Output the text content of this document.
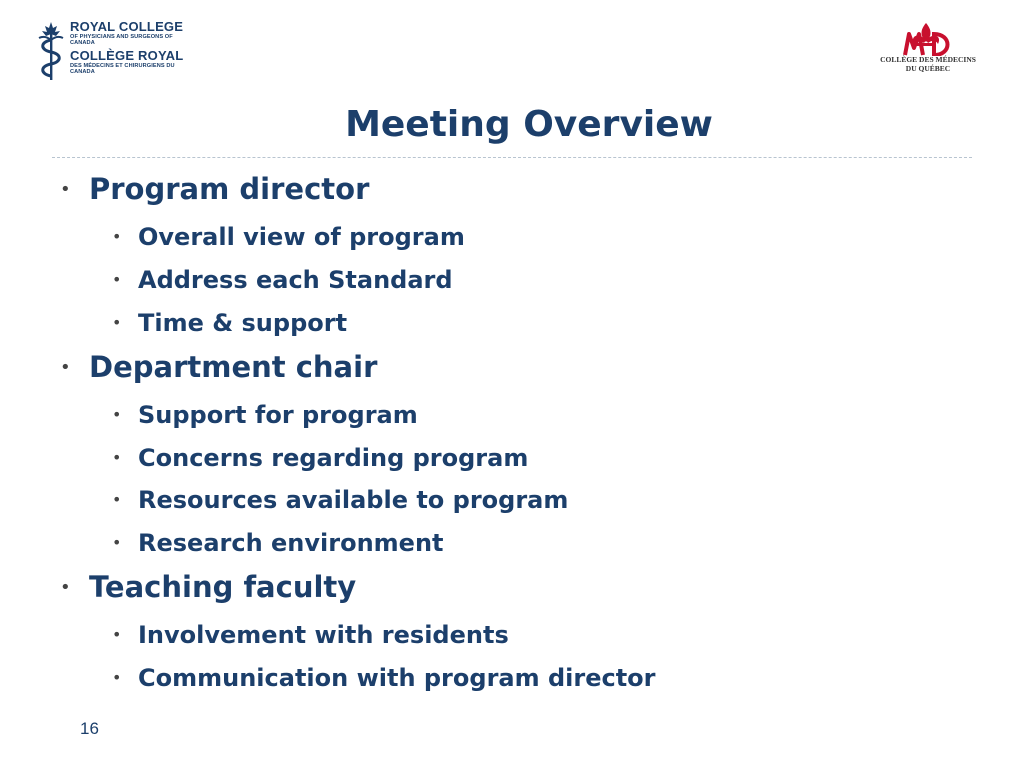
ROYAL COLLEGE
OF PHYSICIANS AND SURGEONS OF CANADA
COLLÈGE ROYAL
DES MÉDECINS ET CHIRURGIENS DU CANADA
COLLÈGE DES MÉDECINS
DU QUÉBEC
Meeting Overview
• Program director
• Overall view of program
• Address each Standard
• Time & support
• Department chair
• Support for program
• Concerns regarding program
• Resources available to program
• Research environment
• Teaching faculty
• Involvement with residents
• Communication with program director
16
